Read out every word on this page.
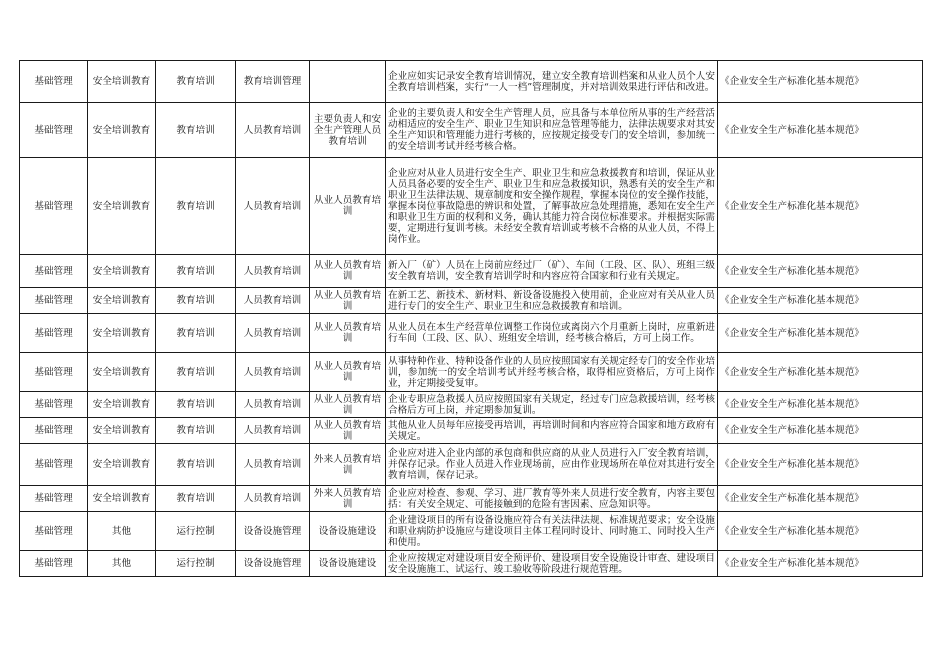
基础管理	安全培训教育	教育培训	教育培训管理		企业应如实记录安全教育培训情况，建立安全教育培训档案和从业人员个人安全教育培训档案，实行“一人一档”管理制度，并对培训效果进行评估和改进。	《企业安全生产标准化基本规范》
基础管理	安全培训教育	教育培训	人员教育培训	主要负责人和安全生产管理人员教育培训	企业的主要负责人和安全生产管理人员，应具备与本单位所从事的生产经营活动相适应的安全生产、职业卫生知识和应急管理等能力，法律法规要求对其安全生产知识和管理能力进行考核的，应按规定接受专门的安全培训，参加统一的安全培训考试并经考核合格。	《企业安全生产标准化基本规范》
基础管理	安全培训教育	教育培训	人员教育培训	从业人员教育培训	企业应对从业人员进行安全生产、职业卫生和应急救援教育和培训，保证从业人员具备必要的安全生产、职业卫生和应急救援知识，熟悉有关的安全生产和职业卫生法律法规、规章制度和安全操作规程，掌握本岗位的安全操作技能，掌握本岗位事故隐患的辨识和处置，了解事故应急处理措施，悉知在安全生产和职业卫生方面的权利和义务，确认其能力符合岗位标准要求。并根据实际需要，定期进行复训考核。未经安全教育培训或考核不合格的从业人员，不得上岗作业。	《企业安全生产标准化基本规范》
基础管理	安全培训教育	教育培训	人员教育培训	从业人员教育培训	新入厂（矿）人员在上岗前应经过厂（矿）、车间（工段、区、队）、班组三级安全教育培训，安全教育培训学时和内容应符合国家和行业有关规定。	《企业安全生产标准化基本规范》
基础管理	安全培训教育	教育培训	人员教育培训	从业人员教育培训	在新工艺、新技术、新材料、新设备设施投入使用前，企业应对有关从业人员进行专门的安全生产、职业卫生和应急救援教育和培训。	《企业安全生产标准化基本规范》
基础管理	安全培训教育	教育培训	人员教育培训	从业人员教育培训	从业人员在本生产经营单位调整工作岗位或离岗六个月重新上岗时，应重新进行车间（工段、区、队）、班组安全培训，经考核合格后，方可上岗工作。	《企业安全生产标准化基本规范》
基础管理	安全培训教育	教育培训	人员教育培训	从业人员教育培训	从事特种作业、特种设备作业的人员应按照国家有关规定经专门的安全作业培训，参加统一的安全培训考试并经考核合格，取得相应资格后，方可上岗作业，并定期接受复审。	《企业安全生产标准化基本规范》
基础管理	安全培训教育	教育培训	人员教育培训	从业人员教育培训	企业专职应急救援人员应按照国家有关规定，经过专门应急救援培训，经考核合格后方可上岗，并定期参加复训。	《企业安全生产标准化基本规范》
基础管理	安全培训教育	教育培训	人员教育培训	从业人员教育培训	其他从业人员每年应接受再培训，再培训时间和内容应符合国家和地方政府有关规定。	《企业安全生产标准化基本规范》
基础管理	安全培训教育	教育培训	人员教育培训	外来人员教育培训	企业应对进入企业内部的承包商和供应商的从业人员进行入厂安全教育培训，并保存记录。作业人员进入作业现场前，应由作业现场所在单位对其进行安全教育培训，保存记录。	《企业安全生产标准化基本规范》
基础管理	安全培训教育	教育培训	人员教育培训	外来人员教育培训	企业应对检查、参观、学习、进厂教育等外来人员进行安全教育，内容主要包括：有关安全规定、可能接触到的危险有害因素、应急知识等。	《企业安全生产标准化基本规范》
基础管理	其他	运行控制	设备设施管理	设备设施建设	企业建设项目的所有设备设施应符合有关法律法规、标准规范要求；安全设施和职业病防护设施应与建设项目主体工程同时设计、同时施工、同时投入生产和使用。	《企业安全生产标准化基本规范》
基础管理	其他	运行控制	设备设施管理	设备设施建设	企业应按规定对建设项目安全预评价、建设项目安全设施设计审查、建设项目安全设施施工、试运行、竣工验收等阶段进行规范管理。	《企业安全生产标准化基本规范》
